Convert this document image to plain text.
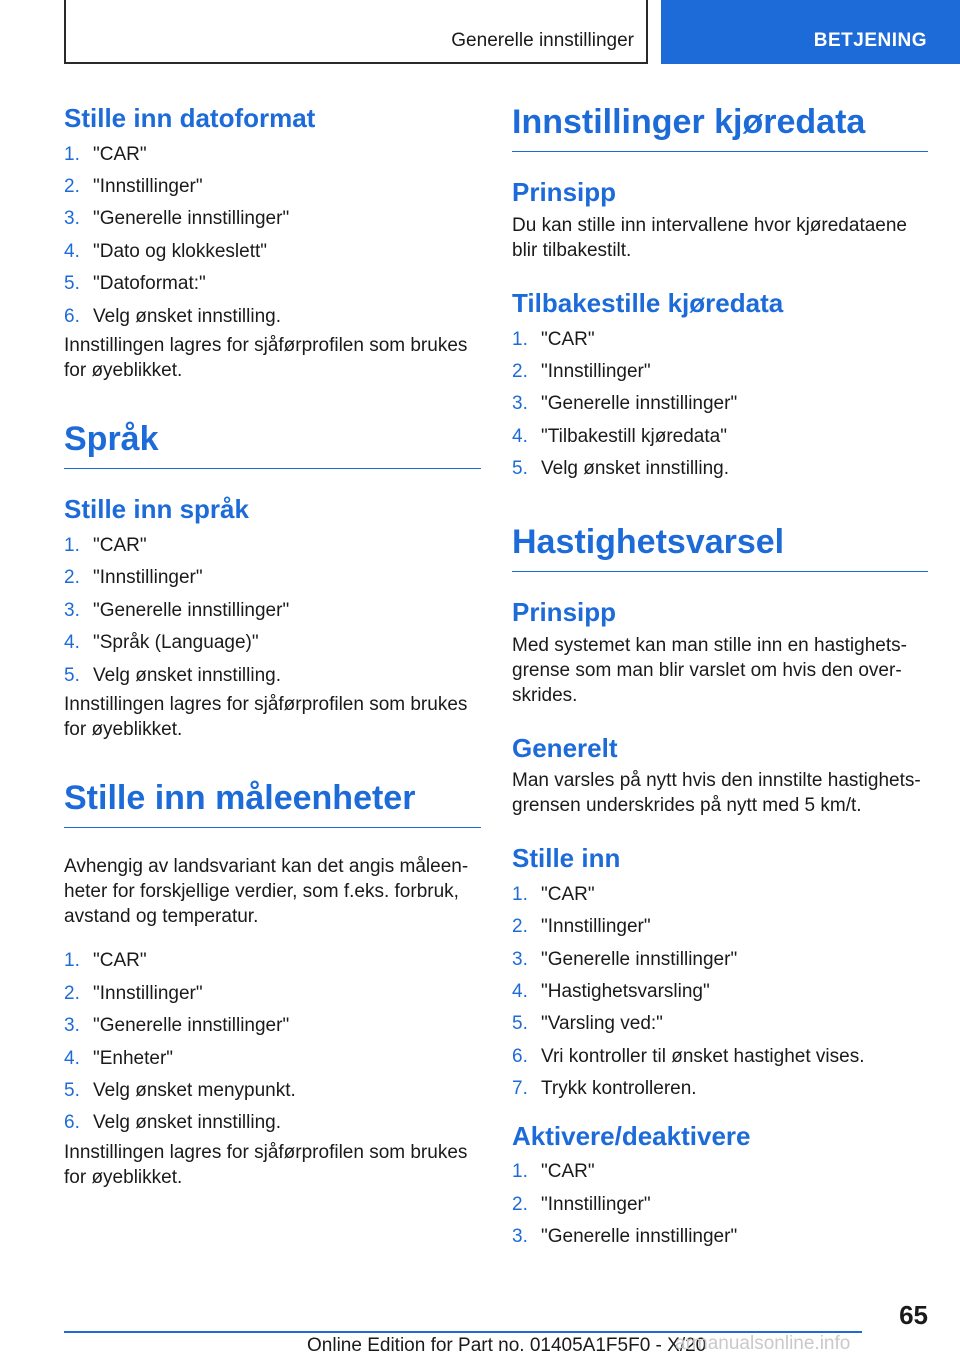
Generelle innstillinger	BETJENING
Stille inn datoformat
1. "CAR"
2. "Innstillinger"
3. "Generelle innstillinger"
4. "Dato og klokkeslett"
5. "Datoformat:"
6. Velg ønsket innstilling.

Innstillingen lagres for sjåførprofilen som brukes for øyeblikket.

Språk
Stille inn språk
1. "CAR"
2. "Innstillinger"
3. "Generelle innstillinger"
4. "Språk (Language)"
5. Velg ønsket innstilling.

Innstillingen lagres for sjåførprofilen som brukes for øyeblikket.

Stille inn måleenheter

Avhengig av landsvariant kan det angis måleenheter for forskjellige verdier, som f.eks. forbruk, avstand og temperatur.

1. "CAR"
2. "Innstillinger"
3. "Generelle innstillinger"
4. "Enheter"
5. Velg ønsket menypunkt.
6. Velg ønsket innstilling.

Innstillingen lagres for sjåførprofilen som brukes for øyeblikket.

Innstillinger kjøredata
Prinsipp

Du kan stille inn intervallene hvor kjøredataene blir tilbakestilt.

Tilbakestille kjøredata
1. "CAR"
2. "Innstillinger"
3. "Generelle innstillinger"
4. "Tilbakestill kjøredata"
5. Velg ønsket innstilling.
Hastighetsvarsel
Prinsipp

Med systemet kan man stille inn en hastighetsgrense som man blir varslet om hvis den overskrides.

Generelt

Man varsles på nytt hvis den innstilte hastighetsgrensen underskrides på nytt med 5 km/t.

Stille inn
1. "CAR"
2. "Innstillinger"
3. "Generelle innstillinger"
4. "Hastighetsvarsling"
5. "Varsling ved:"
6. Vri kontroller til ønsket hastighet vises.
7. Trykk kontrolleren.
Aktivere/deaktivere
1. "CAR"
2. "Innstillinger"
3. "Generelle innstillinger"
65
Online Edition for Part no. 01405A1F5F0 - X/20
armanualsonline.info
